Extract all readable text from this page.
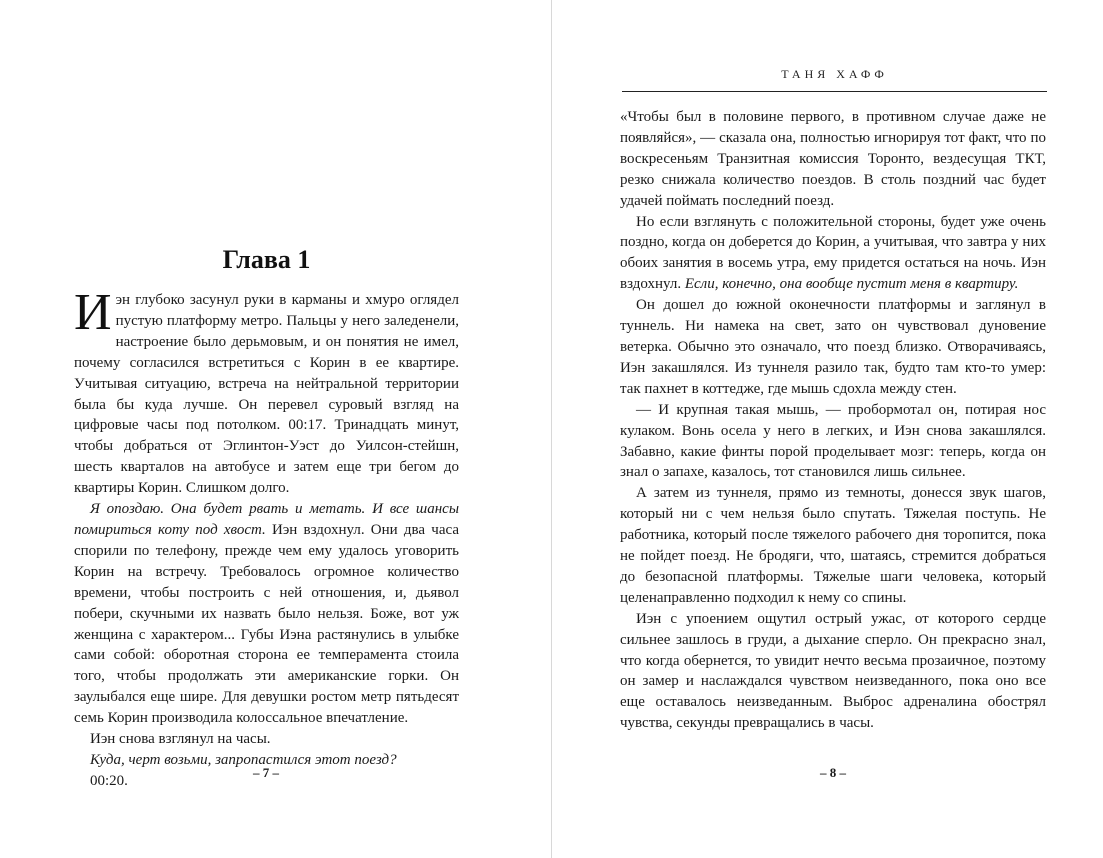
Глава 1

Иэн глубоко засунул руки в карманы и хмуро оглядел пустую платформу метро. Пальцы у него заледенели, настроение было дерьмовым, и он понятия не имел, почему согласился встретиться с Корин в ее квартире. Учитывая ситуацию, встреча на нейтральной территории была бы куда лучше. Он перевел суровый взгляд на цифровые часы под потолком. 00:17. Тринадцать минут, чтобы добраться от Эглинтон-Уэст до Уилсон-стейшн, шесть кварталов на автобусе и затем еще три бегом до квартиры Корин. Слишком долго.

Я опоздаю. Она будет рвать и метать. И все шансы помириться коту под хвост. Иэн вздохнул. Они два часа спорили по телефону, прежде чем ему удалось уговорить Корин на встречу. Требовалось огромное количество времени, чтобы построить с ней отношения, и, дьявол побери, скучными их назвать было нельзя. Боже, вот уж женщина с характером... Губы Иэна растянулись в улыбке сами собой: оборотная сторона ее темперамента стоила того, чтобы продолжать эти американские горки. Он заулыбался еще шире. Для девушки ростом метр пятьдесят семь Корин производила колоссальное впечатление.

Иэн снова взглянул на часы.

Куда, черт возьми, запропастился этот поезд?

00:20.

– 7 –
ТАНЯ ХАФФ

«Чтобы был в половине первого, в противном случае даже не появляйся», — сказала она, полностью игнорируя тот факт, что по воскресеньям Транзитная комиссия Торонто, вездесущая ТКТ, резко снижала количество поездов. В столь поздний час будет удачей поймать последний поезд.

Но если взглянуть с положительной стороны, будет уже очень поздно, когда он доберется до Корин, а учитывая, что завтра у них обоих занятия в восемь утра, ему придется остаться на ночь. Иэн вздохнул. Если, конечно, она вообще пустит меня в квартиру.

Он дошел до южной оконечности платформы и заглянул в туннель. Ни намека на свет, зато он чувствовал дуновение ветерка. Обычно это означало, что поезд близко. Отворачиваясь, Иэн закашлялся. Из туннеля разило так, будто там кто-то умер: так пахнет в коттедже, где мышь сдохла между стен.

— И крупная такая мышь, — пробормотал он, потирая нос кулаком. Вонь осела у него в легких, и Иэн снова закашлялся. Забавно, какие финты порой проделывает мозг: теперь, когда он знал о запахе, казалось, тот становился лишь сильнее.

А затем из туннеля, прямо из темноты, донесся звук шагов, который ни с чем нельзя было спутать. Тяжелая поступь. Не работника, который после тяжелого рабочего дня торопится, пока не пойдет поезд. Не бродяги, что, шатаясь, стремится добраться до безопасной платформы. Тяжелые шаги человека, который целенаправленно подходил к нему со спины.

Иэн с упоением ощутил острый ужас, от которого сердце сильнее зашлось в груди, а дыхание сперло. Он прекрасно знал, что когда обернется, то увидит нечто весьма прозаичное, поэтому он замер и наслаждался чувством неизведанного, пока оно все еще оставалось неизведанным. Выброс адреналина обострял чувства, секунды превращались в часы.

– 8 –
